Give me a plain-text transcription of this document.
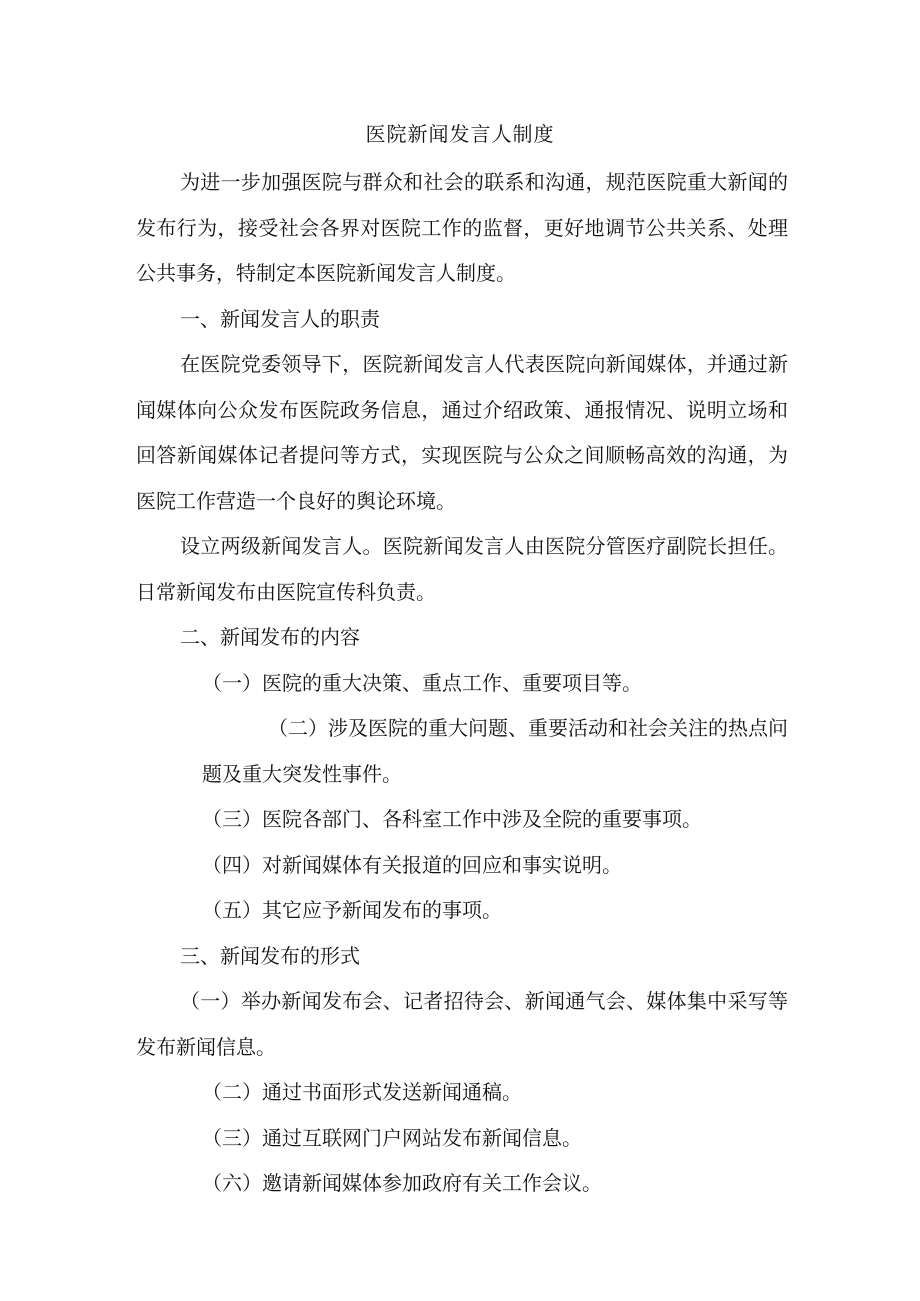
医院新闻发言人制度

为进一步加强医院与群众和社会的联系和沟通，规范医院重大新闻的发布行为，接受社会各界对医院工作的监督，更好地调节公共关系、处理公共事务，特制定本医院新闻发言人制度。

一、新闻发言人的职责

在医院党委领导下，医院新闻发言人代表医院向新闻媒体，并通过新闻媒体向公众发布医院政务信息，通过介绍政策、通报情况、说明立场和回答新闻媒体记者提问等方式，实现医院与公众之间顺畅高效的沟通，为医院工作营造一个良好的舆论环境。

设立两级新闻发言人。医院新闻发言人由医院分管医疗副院长担任。日常新闻发布由医院宣传科负责。

二、新闻发布的内容

（一）医院的重大决策、重点工作、重要项目等。

（二）涉及医院的重大问题、重要活动和社会关注的热点问题及重大突发性事件。

（三）医院各部门、各科室工作中涉及全院的重要事项。

（四）对新闻媒体有关报道的回应和事实说明。

（五）其它应予新闻发布的事项。

三、新闻发布的形式

（一）举办新闻发布会、记者招待会、新闻通气会、媒体集中采写等发布新闻信息。

（二）通过书面形式发送新闻通稿。

（三）通过互联网门户网站发布新闻信息。

（六）邀请新闻媒体参加政府有关工作会议。
